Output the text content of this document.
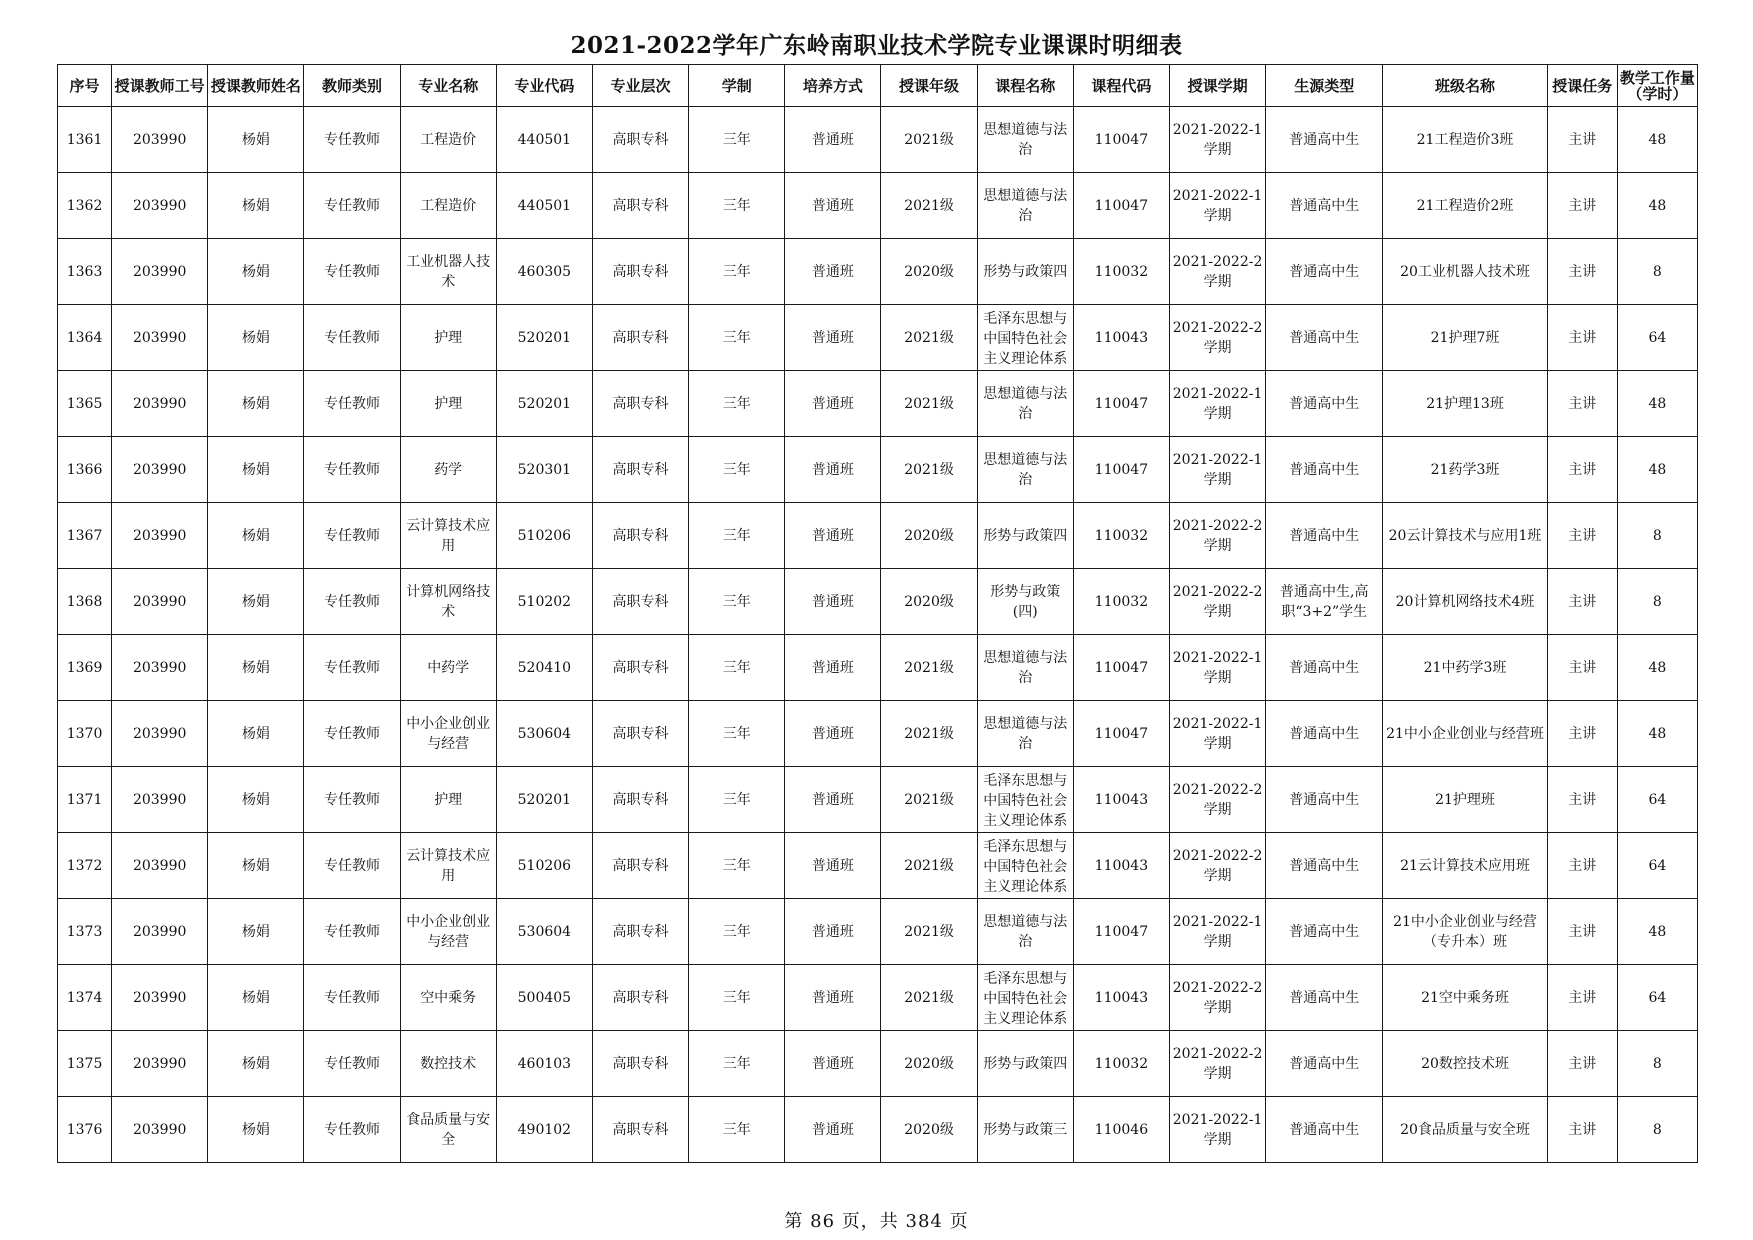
2021-2022学年广东岭南职业技术学院专业课课时明细表
序号	授课教师工号	授课教师姓名	教师类别	专业名称	专业代码	专业层次	学制	培养方式	授课年级	课程名称	课程代码	授课学期	生源类型	班级名称	授课任务	教学工作量（学时）
1361	203990	杨娟	专任教师	工程造价	440501	高职专科	三年	普通班	2021级	思想道德与法治	110047	2021-2022-1学期	普通高中生	21工程造价3班	主讲	48
1362	203990	杨娟	专任教师	工程造价	440501	高职专科	三年	普通班	2021级	思想道德与法治	110047	2021-2022-1学期	普通高中生	21工程造价2班	主讲	48
1363	203990	杨娟	专任教师	工业机器人技术	460305	高职专科	三年	普通班	2020级	形势与政策四	110032	2021-2022-2学期	普通高中生	20工业机器人技术班	主讲	8
1364	203990	杨娟	专任教师	护理	520201	高职专科	三年	普通班	2021级	毛泽东思想与中国特色社会主义理论体系	110043	2021-2022-2学期	普通高中生	21护理7班	主讲	64
1365	203990	杨娟	专任教师	护理	520201	高职专科	三年	普通班	2021级	思想道德与法治	110047	2021-2022-1学期	普通高中生	21护理13班	主讲	48
1366	203990	杨娟	专任教师	药学	520301	高职专科	三年	普通班	2021级	思想道德与法治	110047	2021-2022-1学期	普通高中生	21药学3班	主讲	48
1367	203990	杨娟	专任教师	云计算技术应用	510206	高职专科	三年	普通班	2020级	形势与政策四	110032	2021-2022-2学期	普通高中生	20云计算技术与应用1班	主讲	8
1368	203990	杨娟	专任教师	计算机网络技术	510202	高职专科	三年	普通班	2020级	形势与政策(四)	110032	2021-2022-2学期	普通高中生,高职“3+2”学生	20计算机网络技术4班	主讲	8
1369	203990	杨娟	专任教师	中药学	520410	高职专科	三年	普通班	2021级	思想道德与法治	110047	2021-2022-1学期	普通高中生	21中药学3班	主讲	48
1370	203990	杨娟	专任教师	中小企业创业与经营	530604	高职专科	三年	普通班	2021级	思想道德与法治	110047	2021-2022-1学期	普通高中生	21中小企业创业与经营班	主讲	48
1371	203990	杨娟	专任教师	护理	520201	高职专科	三年	普通班	2021级	毛泽东思想与中国特色社会主义理论体系	110043	2021-2022-2学期	普通高中生	21护理班	主讲	64
1372	203990	杨娟	专任教师	云计算技术应用	510206	高职专科	三年	普通班	2021级	毛泽东思想与中国特色社会主义理论体系	110043	2021-2022-2学期	普通高中生	21云计算技术应用班	主讲	64
1373	203990	杨娟	专任教师	中小企业创业与经营	530604	高职专科	三年	普通班	2021级	思想道德与法治	110047	2021-2022-1学期	普通高中生	21中小企业创业与经营（专升本）班	主讲	48
1374	203990	杨娟	专任教师	空中乘务	500405	高职专科	三年	普通班	2021级	毛泽东思想与中国特色社会主义理论体系	110043	2021-2022-2学期	普通高中生	21空中乘务班	主讲	64
1375	203990	杨娟	专任教师	数控技术	460103	高职专科	三年	普通班	2020级	形势与政策四	110032	2021-2022-2学期	普通高中生	20数控技术班	主讲	8
1376	203990	杨娟	专任教师	食品质量与安全	490102	高职专科	三年	普通班	2020级	形势与政策三	110046	2021-2022-1学期	普通高中生	20食品质量与安全班	主讲	8
第 86 页，共 384 页
